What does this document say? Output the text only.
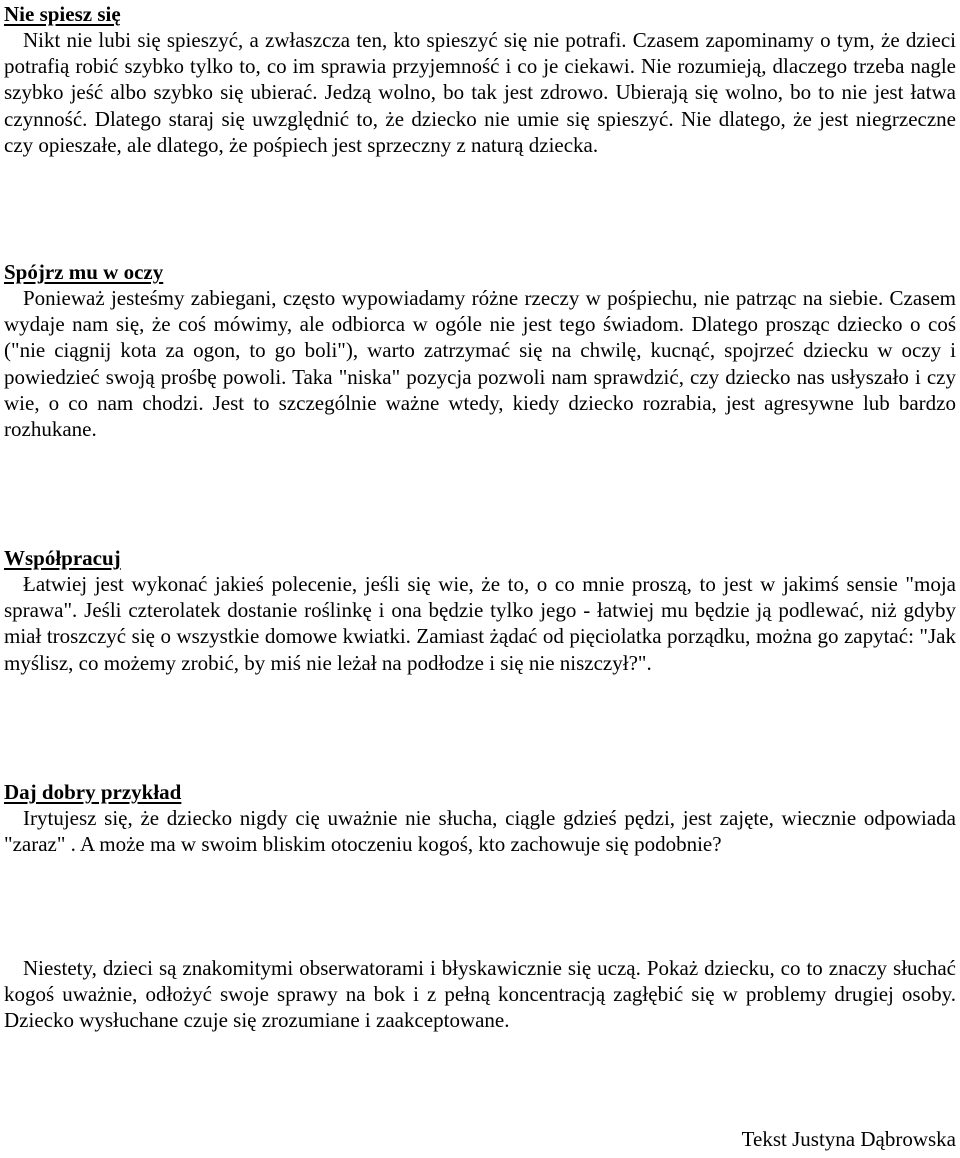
Nie spiesz się

Nikt nie lubi się spieszyć, a zwłaszcza ten, kto spieszyć się nie potrafi. Czasem zapominamy o tym, że dzieci potrafią robić szybko tylko to, co im sprawia przyjemność i co je ciekawi. Nie rozumieją, dlaczego trzeba nagle szybko jeść albo szybko się ubierać. Jedzą wolno, bo tak jest zdrowo. Ubierają się wolno, bo to nie jest łatwa czynność. Dlatego staraj się uwzględnić to, że dziecko nie umie się spieszyć. Nie dlatego, że jest niegrzeczne czy opieszałe, ale dlatego, że pośpiech jest sprzeczny z naturą dziecka.

Spójrz mu w oczy

Ponieważ jesteśmy zabiegani, często wypowiadamy różne rzeczy w pośpiechu, nie patrząc na siebie. Czasem wydaje nam się, że coś mówimy, ale odbiorca w ogóle nie jest tego świadom. Dlatego prosząc dziecko o coś ("nie ciągnij kota za ogon, to go boli"), warto zatrzymać się na chwilę, kucnąć, spojrzeć dziecku w oczy i powiedzieć swoją prośbę powoli. Taka "niska" pozycja pozwoli nam sprawdzić, czy dziecko nas usłyszało i czy wie, o co nam chodzi. Jest to szczególnie ważne wtedy, kiedy dziecko rozrabia, jest agresywne lub bardzo rozhukane.

Współpracuj

Łatwiej jest wykonać jakieś polecenie, jeśli się wie, że to, o co mnie proszą, to jest w jakimś sensie "moja sprawa". Jeśli czterolatek dostanie roślinkę i ona będzie tylko jego - łatwiej mu będzie ją podlewać, niż gdyby miał troszczyć się o wszystkie domowe kwiatki. Zamiast żądać od pięciolatka porządku, można go zapytać: "Jak myślisz, co możemy zrobić, by miś nie leżał na podłodze i się nie niszczył?".

Daj dobry przykład

Irytujesz się, że dziecko nigdy cię uważnie nie słucha, ciągle gdzieś pędzi, jest zajęte, wiecznie odpowiada "zaraz" . A może ma w swoim bliskim otoczeniu kogoś, kto zachowuje się podobnie?

Niestety, dzieci są znakomitymi obserwatorami i błyskawicznie się uczą. Pokaż dziecku, co to znaczy słuchać kogoś uważnie, odłożyć swoje sprawy na bok i z pełną koncentracją zagłębić się w problemy drugiej osoby. Dziecko wysłuchane czuje się zrozumiane i zaakceptowane.

Tekst Justyna Dąbrowska
